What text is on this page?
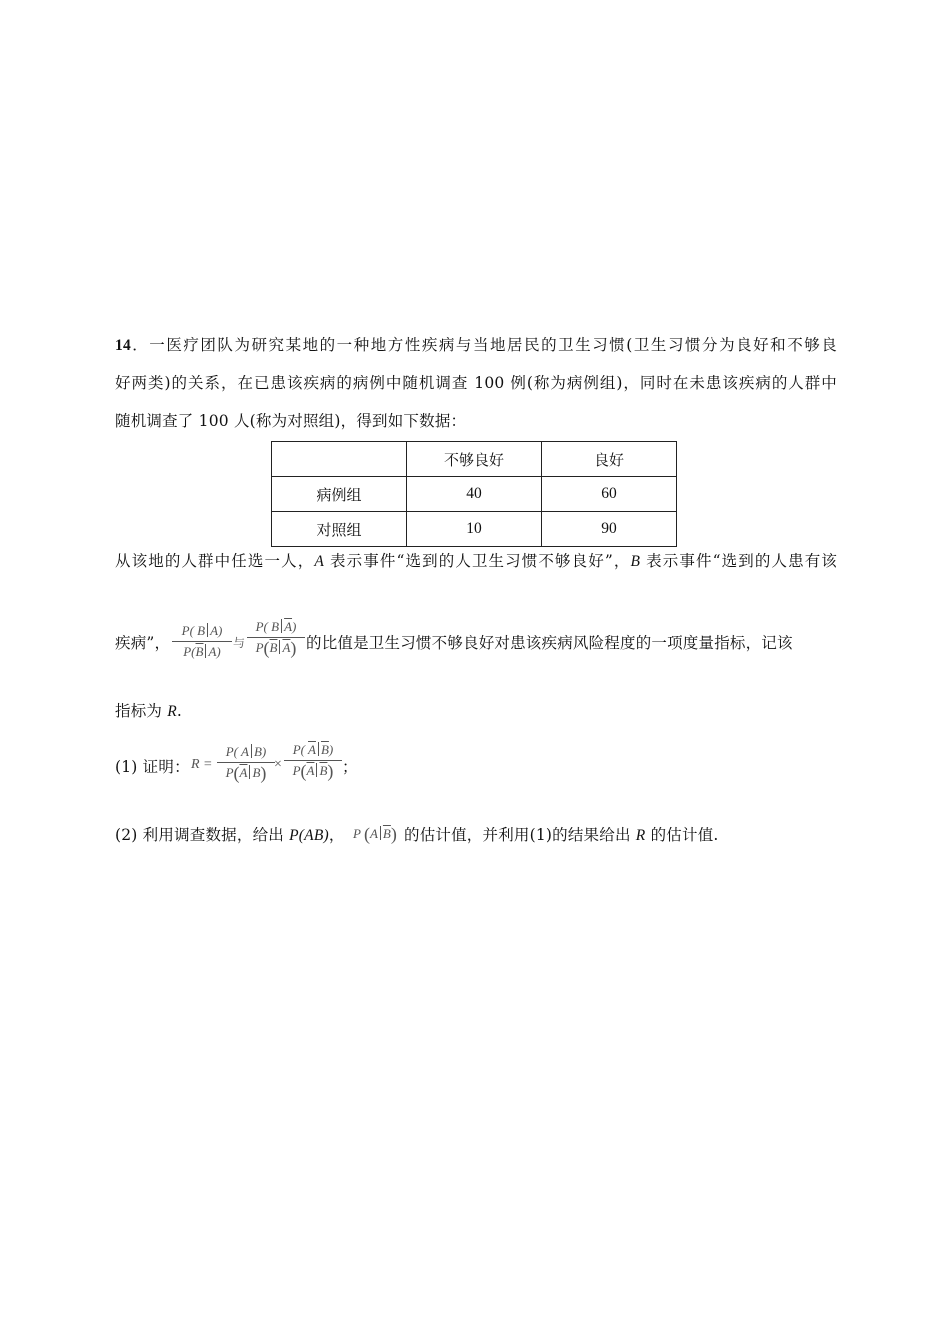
14．一医疗团队为研究某地的一种地方性疾病与当地居民的卫生习惯(卫生习惯分为良好和不够良
好两类)的关系，在已患该疾病的病例中随机调查 100 例(称为病例组)，同时在未患该疾病的人群中
随机调查了 100 人(称为对照组)，得到如下数据：
	不够良好	良好
病例组	40	60
对照组	10	90
从该地的人群中任选一人，A 表示事件“选到的人卫生习惯不够良好”，B 表示事件“选到的人患有该
疾病”，
P( B A)
$P(\overline{B}$ A)
与
P( B $\overline{A}$)
$P(\overline{B}$ $\overline{A}$) 的比值是卫生习惯不够良好对患该疾病风险程度的一项度量指标，记该
指标为 R.
(1) 证明： R =
P( A B)
$P(\overline{A}$ B) ×
P( $\overline{A}$ $\overline{B}$)
$P(\overline{A}$ $\overline{B}$) ；
(2) 利用调查数据，给出 P(AB)， P (A $\overline{B}$) 的估计值，并利用(1)的结果给出 R 的估计值.
